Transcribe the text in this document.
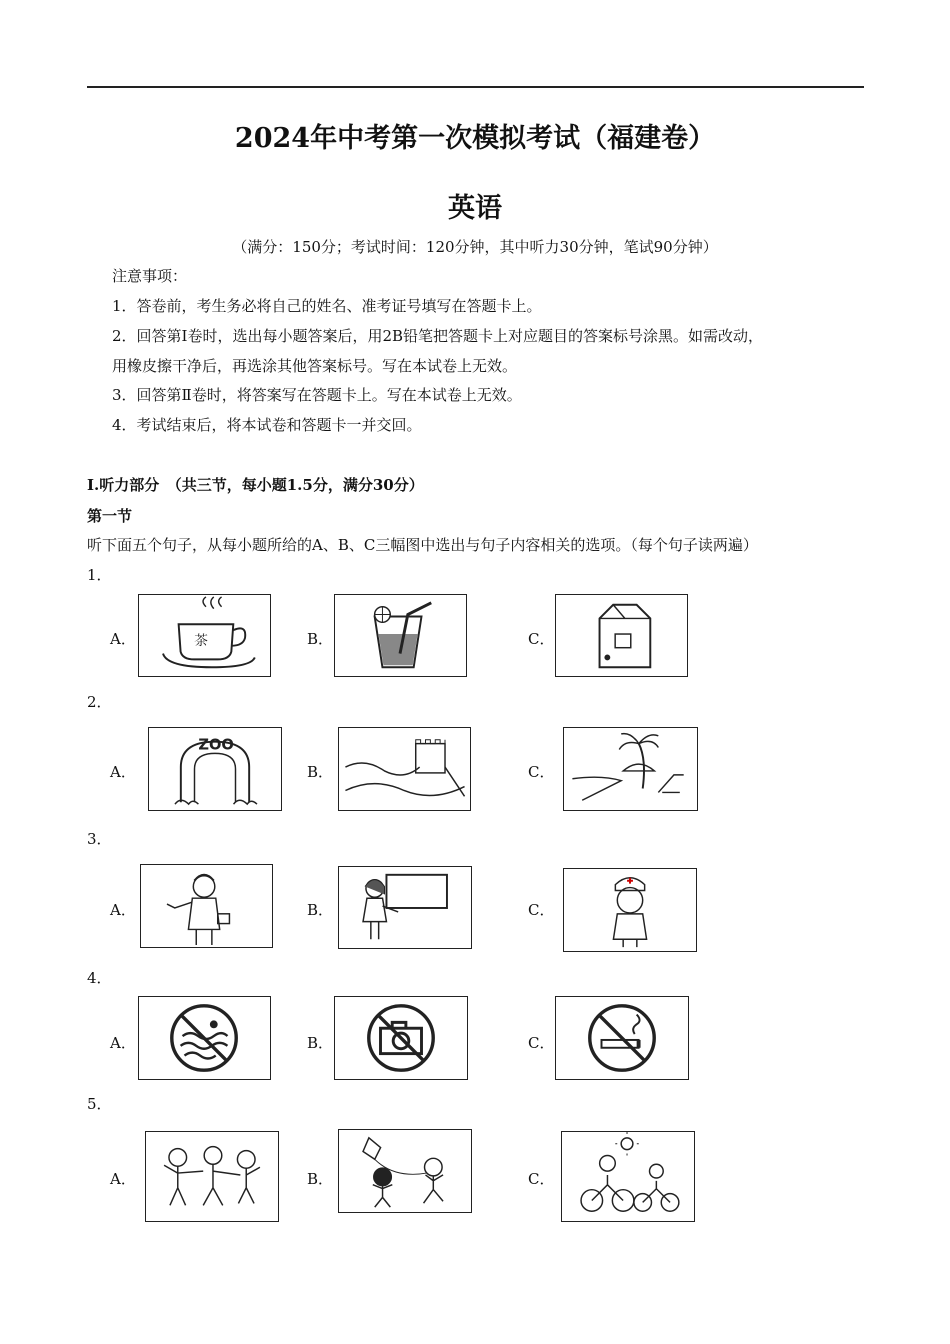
2024年中考第一次模拟考试（福建卷）
英语
（满分：150分；考试时间：120分钟，其中听力30分钟，笔试90分钟）
注意事项：
1．答卷前，考生务必将自己的姓名、准考证号填写在答题卡上。
2．回答第Ⅰ卷时，选出每小题答案后，用2B铅笔把答题卡上对应题目的答案标号涂黑。如需改动，
用橡皮擦干净后，再选涂其他答案标号。写在本试卷上无效。
3．回答第Ⅱ卷时，将答案写在答题卡上。写在本试卷上无效。
4．考试结束后，将本试卷和答题卡一并交回。
I.听力部分　（共三节，每小题1.5分，满分30分）
第一节
听下面五个句子，从每小题所给的A、B、C三幅图中选出与句子内容相关的选项。（每个句子读两遍）
1．
A．	茶	B．	C．
2．
A．
ZOO
B．	C．
3．
A．	B．	C．
4．
A．	B．	C．
5．
A．	B．	C．
